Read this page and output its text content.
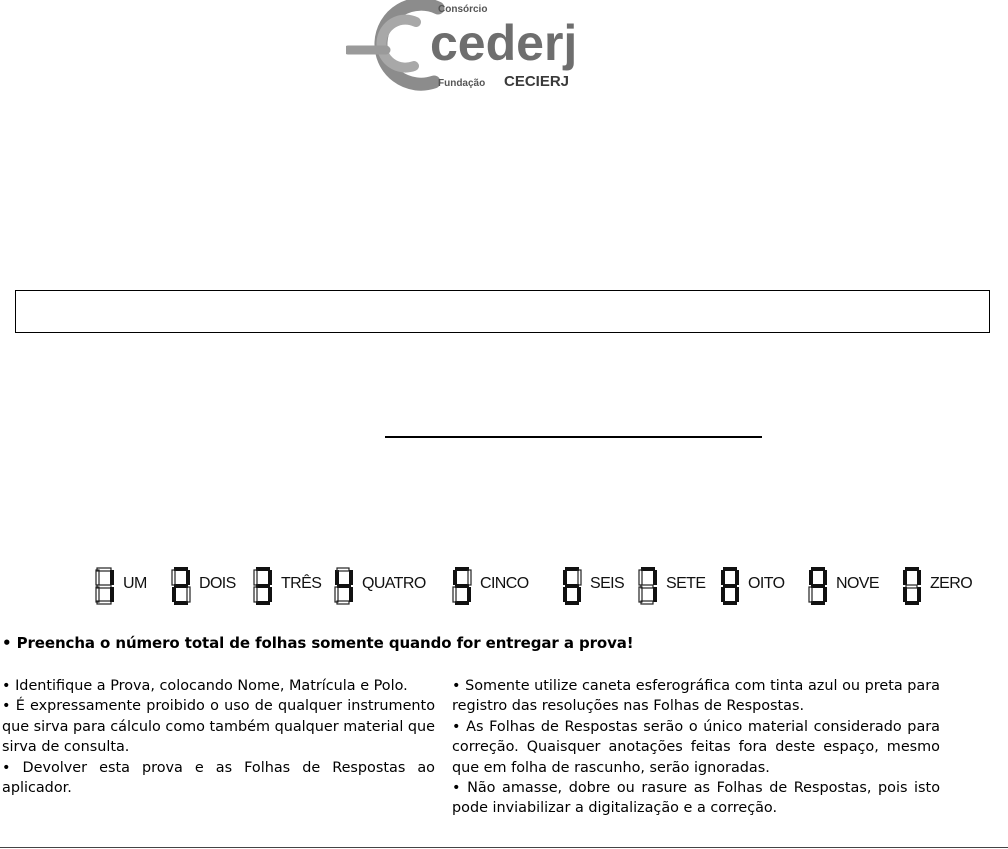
Consórcio
cederj
Fundação CECIERJ
UM	DOIS	TRÊS	QUATRO	CINCO	SEIS	SETE	OITO	NOVE	ZERO
• Preencha o número total de folhas somente quando for entregar a prova!

• Identifique a Prova, colocando Nome, Matrícula e Polo.

• É expressamente proibido o uso de qualquer instrumento que sirva para cálculo como também qualquer material que sirva de consulta.

• Devolver esta prova e as Folhas de Respostas ao aplicador.

• Somente utilize caneta esferográfica com tinta azul ou preta para registro das resoluções nas Folhas de Respostas.

• As Folhas de Respostas serão o único material considerado para correção. Quaisquer anotações feitas fora deste espaço, mesmo que em folha de rascunho, serão ignoradas.

• Não amasse, dobre ou rasure as Folhas de Respostas, pois isto pode inviabilizar a digitalização e a correção.
